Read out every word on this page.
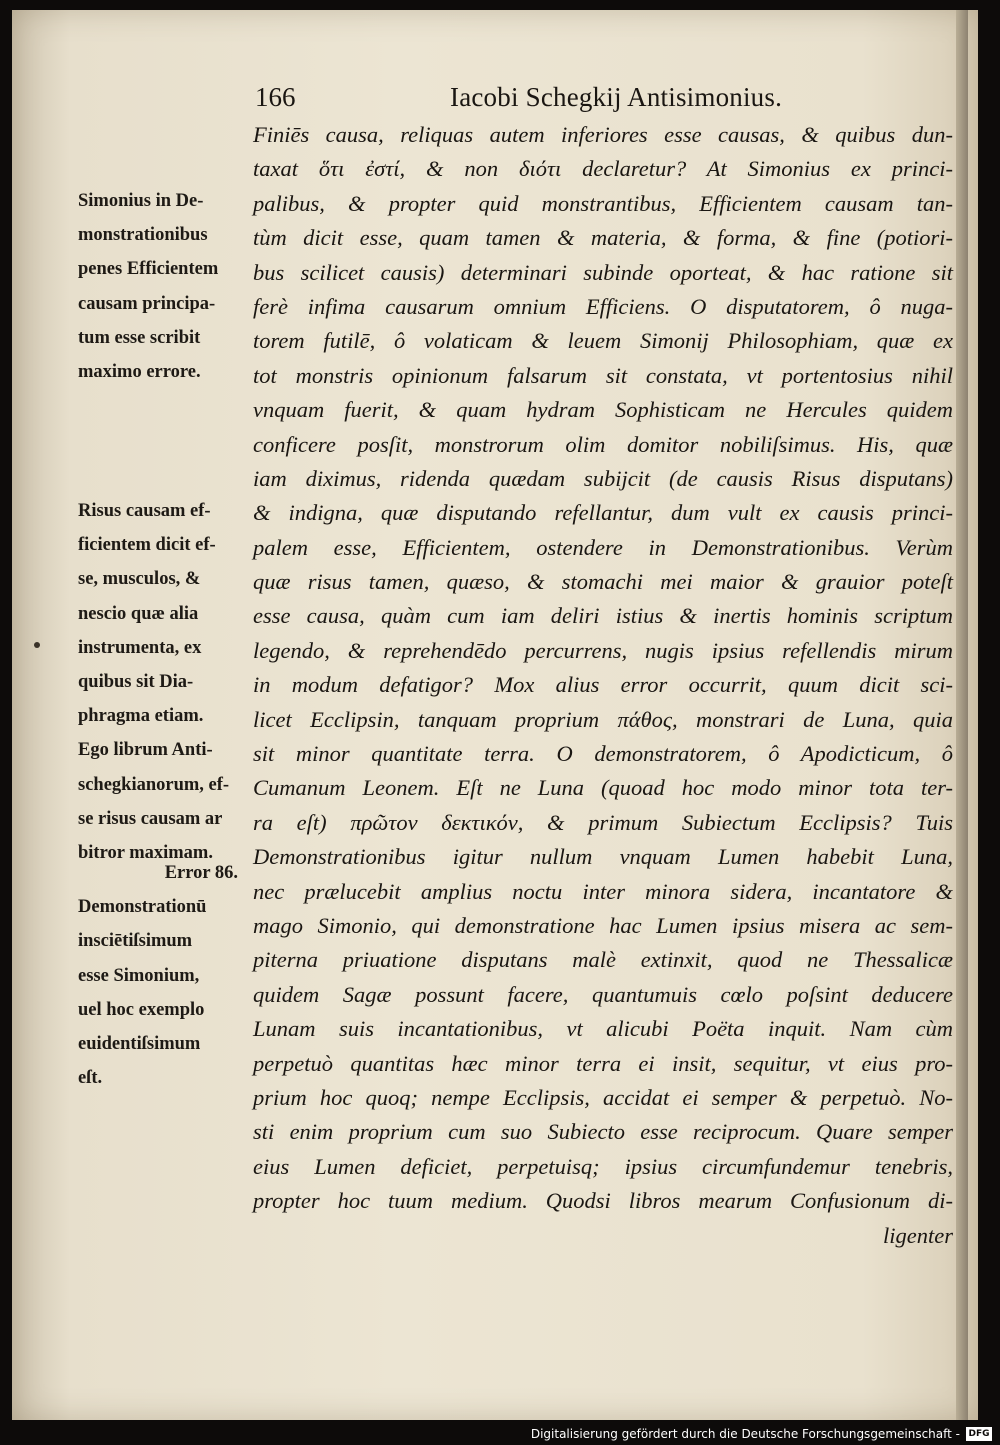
166	Iacobi Schegkij Antisimonius.
Finiēs causa, reliquas autem inferiores esse causas, & quibus dun-
taxat ὅτι ἐστί, & non διότι declaretur? At Simonius ex princi-
palibus, & propter quid monstrantibus, Efficientem causam tan-
tùm dicit esse, quam tamen & materia, & forma, & fine (potiori-
bus scilicet causis) determinari subinde oporteat, & hac ratione sit
ferè infima causarum omnium Efficiens. O disputatorem, ô nuga-
torem futilē, ô volaticam & leuem Simonij Philosophiam, quæ ex
tot monstris opinionum falsarum sit constata, vt portentosius nihil
vnquam fuerit, & quam hydram Sophisticam ne Hercules quidem
conficere posſit, monstrorum olim domitor nobiliſsimus. His, quæ
iam diximus, ridenda quædam subijcit (de causis Risus disputans)
& indigna, quæ disputando refellantur, dum vult ex causis princi-
palem esse, Efficientem, ostendere in Demonstrationibus. Verùm
quæ risus tamen, quæso, & stomachi mei maior & grauior poteſt
esse causa, quàm cum iam deliri istius & inertis hominis scriptum
legendo, & reprehendēdo percurrens, nugis ipsius refellendis mirum
in modum defatigor? Mox alius error occurrit, quum dicit sci-
licet Ecclipsin, tanquam proprium πάθος, monstrari de Luna, quia
sit minor quantitate terra. O demonstratorem, ô Apodicticum, ô
Cumanum Leonem. Eſt ne Luna (quoad hoc modo minor tota ter-
ra eſt) πρῶτον δεκτικόν, & primum Subiectum Ecclipsis? Tuis
Demonstrationibus igitur nullum vnquam Lumen habebit Luna,
nec prælucebit amplius noctu inter minora sidera, incantatore &
mago Simonio, qui demonstratione hac Lumen ipsius misera ac sem-
piterna priuatione disputans malè extinxit, quod ne Thessalicæ
quidem Sagæ possunt facere, quantumuis cœlo poſsint deducere
Lunam suis incantationibus, vt alicubi Poëta inquit. Nam cùm
perpetuò quantitas hæc minor terra ei insit, sequitur, vt eius pro-
prium hoc quoq; nempe Ecclipsis, accidat ei semper & perpetuò. No-
sti enim proprium cum suo Subiecto esse reciprocum. Quare semper
eius Lumen deficiet, perpetuisq; ipsius circumfundemur tenebris,
propter hoc tuum medium. Quodsi libros mearum Confusionum di-
ligenter
Simonius in De-
monstrationibus
penes Efficientem
causam principa-
tum esse scribit
maximo errore.
Risus causam ef-
ficientem dicit ef-
se, musculos, &
nescio quæ alia
instrumenta, ex
quibus sit Dia-
phragma etiam.
Ego librum Anti-
schegkianorum, ef-
se risus causam ar
bitror maximam.
Error 86.
Demonstrationū
insciētiſsimum
esse Simonium,
uel hoc exemplo
euidentiſsimum
eſt.
Digitalisierung gefördert durch die Deutsche Forschungsgemeinschaft - DFG
